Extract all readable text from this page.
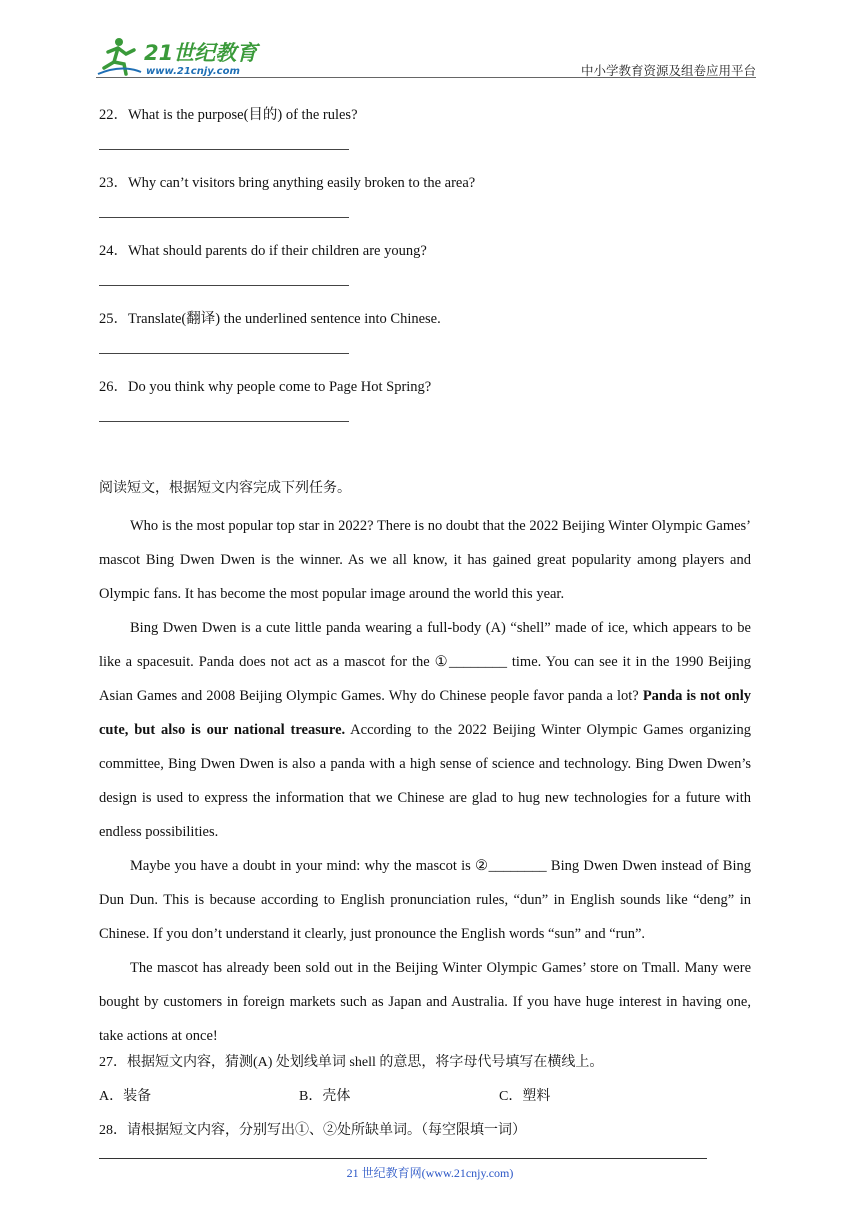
21世纪教育
www.21cnjy.com	中小学教育资源及组卷应用平台
22．What is the purpose(目的) of the rules?
23．Why can’t visitors bring anything easily broken to the area?
24．What should parents do if their children are young?
25．Translate(翻译) the underlined sentence into Chinese.
26．Do you think why people come to Page Hot Spring?
阅读短文，根据短文内容完成下列任务。

Who is the most popular top star in 2022? There is no doubt that the 2022 Beijing Winter Olympic Games’ mascot Bing Dwen Dwen is the winner. As we all know, it has gained great popularity among players and Olympic fans. It has become the most popular image around the world this year.

Bing Dwen Dwen is a cute little panda wearing a full-body (A) “shell” made of ice, which appears to be like a spacesuit. Panda does not act as a mascot for the ①________ time. You can see it in the 1990 Beijing Asian Games and 2008 Beijing Olympic Games. Why do Chinese people favor panda a lot? Panda is not only cute, but also is our national treasure. According to the 2022 Beijing Winter Olympic Games organizing committee, Bing Dwen Dwen is also a panda with a high sense of science and technology. Bing Dwen Dwen’s design is used to express the information that we Chinese are glad to hug new technologies for a future with endless possibilities.

Maybe you have a doubt in your mind: why the mascot is ②________ Bing Dwen Dwen instead of Bing Dun Dun. This is because according to English pronunciation rules, “dun” in English sounds like “deng” in Chinese. If you don’t understand it clearly, just pronounce the English words “sun” and “run”.

The mascot has already been sold out in the Beijing Winter Olympic Games’ store on Tmall. Many were bought by customers in foreign markets such as Japan and Australia. If you have huge interest in having one, take actions at once!

27．根据短文内容，猜测(A) 处划线单词 shell 的意思，将字母代号填写在横线上。
A．装备	B．壳体	C．塑料
28．请根据短文内容，分别写出①、②处所缺单词。（每空限填一词）
21 世纪教育网(www.21cnjy.com)
